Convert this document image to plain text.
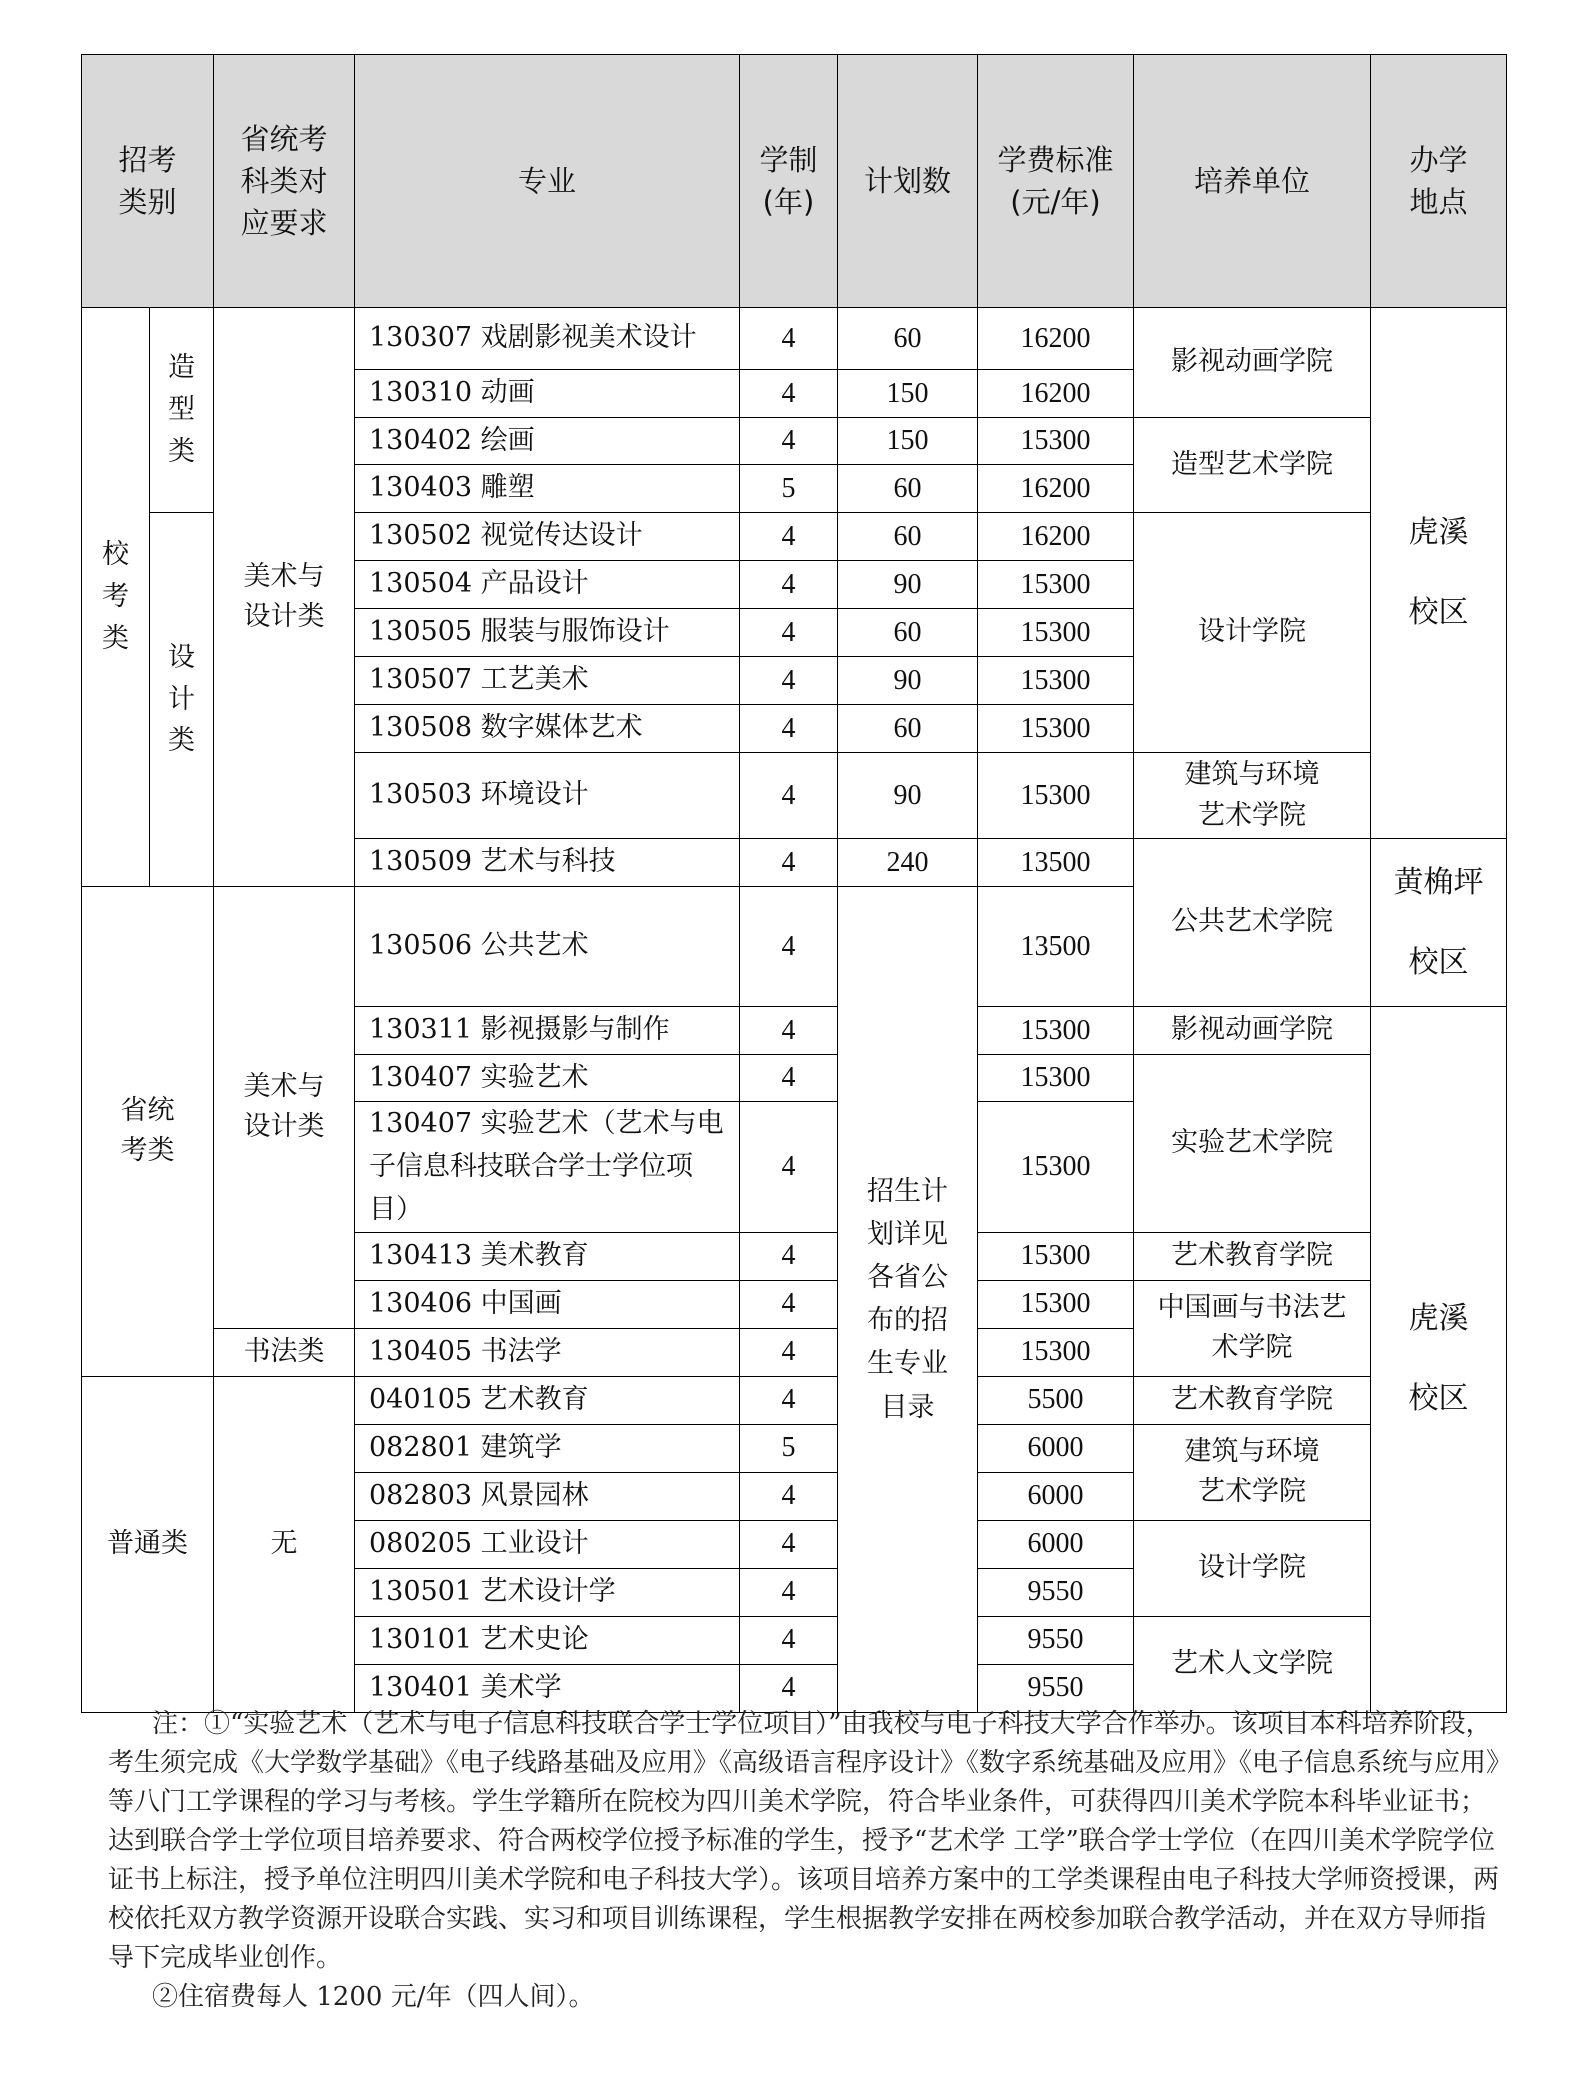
招考类别		省统考科类对应要求	专业	学制(年)	计划数	学费标准(元/年)	培养单位	办学地点

校考类	造型类	美术与设计类	130307 戏剧影视美术设计	4	60	16200	影视动画学院	虎溪校区

			130310 动画	4	150	16200		
			130402 绘画	4	150	15300	造型艺术学院	
			130403 雕塑	5	60	16200		
	设计类		130502 视觉传达设计	4	60	16200	设计学院	
			130504 产品设计	4	90	15300		
			130505 服装与服饰设计	4	60	15300		
			130507 工艺美术	4	90	15300		
			130508 数字媒体艺术	4	60	15300		
			130503 环境设计	4	90	15300	建筑与环境艺术学院	

			130509 艺术与科技	4	240	13500	公共艺术学院	黄桷坪校区

省统考类		美术与设计类	130506 公共艺术	4	招生计划详见各省公布的招生专业目录	13500		
			130311 影视摄影与制作	4		15300	影视动画学院	虎溪校区

			130407 实验艺术	4		15300	实验艺术学院	
			130407 实验艺术（艺术与电子信息科技联合学士学位项目）	4		15300		
			130413 美术教育	4		15300	艺术教育学院	
			130406 中国画	4		15300	中国画与书法艺术学院	

		书法类	130405 书法学	4		15300		
普通类		无	040105 艺术教育	4		5500	艺术教育学院	
			082801 建筑学	5		6000	建筑与环境艺术学院	

			082803 风景园林	4		6000		
			080205 工业设计	4		6000	设计学院	
			130501 艺术设计学	4		9550		
			130101 艺术史论	4		9550	艺术人文学院	
			130401 美术学	4		9550		

注：①“实验艺术（艺术与电子信息科技联合学士学位项目）”由我校与电子科技大学合作举办。该项目本科培养阶段，考生须完成《大学数学基础》《电子线路基础及应用》《高级语言程序设计》《数字系统基础及应用》《电子信息系统与应用》等八门工学课程的学习与考核。学生学籍所在院校为四川美术学院，符合毕业条件，可获得四川美术学院本科毕业证书；达到联合学士学位项目培养要求、符合两校学位授予标准的学生，授予“艺术学 工学”联合学士学位（在四川美术学院学位证书上标注，授予单位注明四川美术学院和电子科技大学）。该项目培养方案中的工学类课程由电子科技大学师资授课，两校依托双方教学资源开设联合实践、实习和项目训练课程，学生根据教学安排在两校参加联合教学活动，并在双方导师指导下完成毕业创作。

②住宿费每人 1200 元/年（四人间）。
